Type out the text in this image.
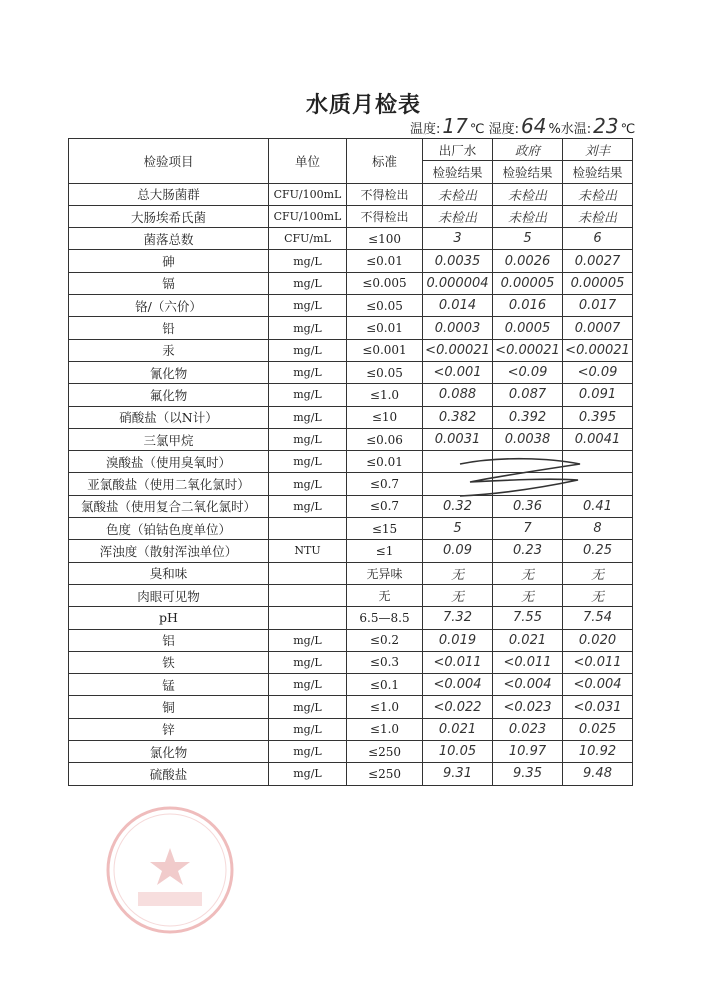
水质月检表
温度: 17 ℃ 湿度: 64 %水温: 23 ℃
检验项目	单位	标准	出厂水	政府	刘丰
			检验结果	检验结果	检验结果
总大肠菌群	CFU/100mL	不得检出	未检出	未检出	未检出
大肠埃希氏菌	CFU/100mL	不得检出	未检出	未检出	未检出
菌落总数	CFU/mL	≤100	3	5	6
砷	mg/L	≤0.01	0.0035	0.0026	0.0027
镉	mg/L	≤0.005	0.000004	0.00005	0.00005
铬/（六价）	mg/L	≤0.05	0.014	0.016	0.017
铅	mg/L	≤0.01	0.0003	0.0005	0.0007
汞	mg/L	≤0.001	<0.00021	<0.00021	<0.00021
氰化物	mg/L	≤0.05	<0.001	<0.09	<0.09
氟化物	mg/L	≤1.0	0.088	0.087	0.091
硝酸盐（以N计）	mg/L	≤10	0.382	0.392	0.395
三氯甲烷	mg/L	≤0.06	0.0031	0.0038	0.0041
溴酸盐（使用臭氧时）	mg/L	≤0.01			
亚氯酸盐（使用二氧化氯时）	mg/L	≤0.7			
氯酸盐（使用复合二氧化氯时）	mg/L	≤0.7	0.32	0.36	0.41
色度（铂钴色度单位）		≤15	5	7	8
浑浊度（散射浑浊单位）	NTU	≤1	0.09	0.23	0.25
臭和味		无异味	无	无	无
肉眼可见物		无	无	无	无
pH		6.5—8.5	7.32	7.55	7.54
铝	mg/L	≤0.2	0.019	0.021	0.020
铁	mg/L	≤0.3	<0.011	<0.011	<0.011
锰	mg/L	≤0.1	<0.004	<0.004	<0.004
铜	mg/L	≤1.0	<0.022	<0.023	<0.031
锌	mg/L	≤1.0	0.021	0.023	0.025
氯化物	mg/L	≤250	10.05	10.97	10.92
硫酸盐	mg/L	≤250	9.31	9.35	9.48
